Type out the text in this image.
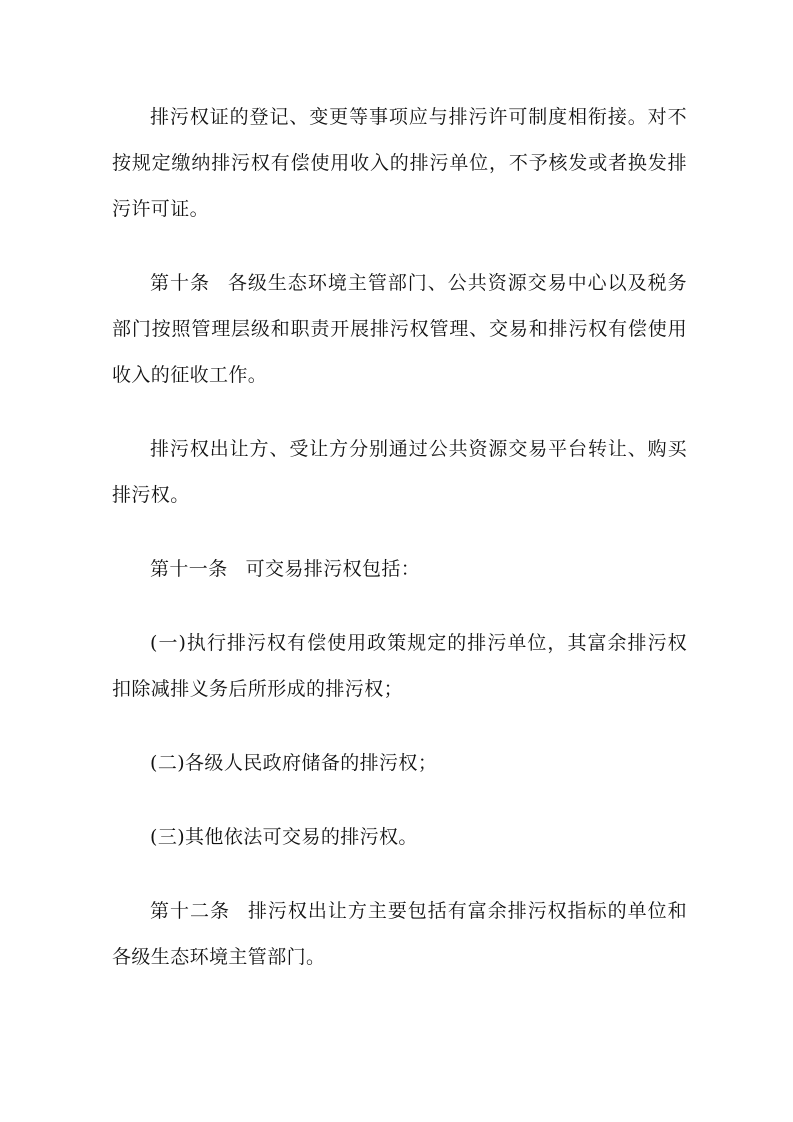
排污权证的登记、变更等事项应与排污许可制度相衔接。对不按规定缴纳排污权有偿使用收入的排污单位，不予核发或者换发排污许可证。

第十条 各级生态环境主管部门、公共资源交易中心以及税务部门按照管理层级和职责开展排污权管理、交易和排污权有偿使用收入的征收工作。

排污权出让方、受让方分别通过公共资源交易平台转让、购买排污权。

第十一条 可交易排污权包括：

(一)执行排污权有偿使用政策规定的排污单位，其富余排污权扣除减排义务后所形成的排污权；

(二)各级人民政府储备的排污权；

(三)其他依法可交易的排污权。

第十二条 排污权出让方主要包括有富余排污权指标的单位和各级生态环境主管部门。
